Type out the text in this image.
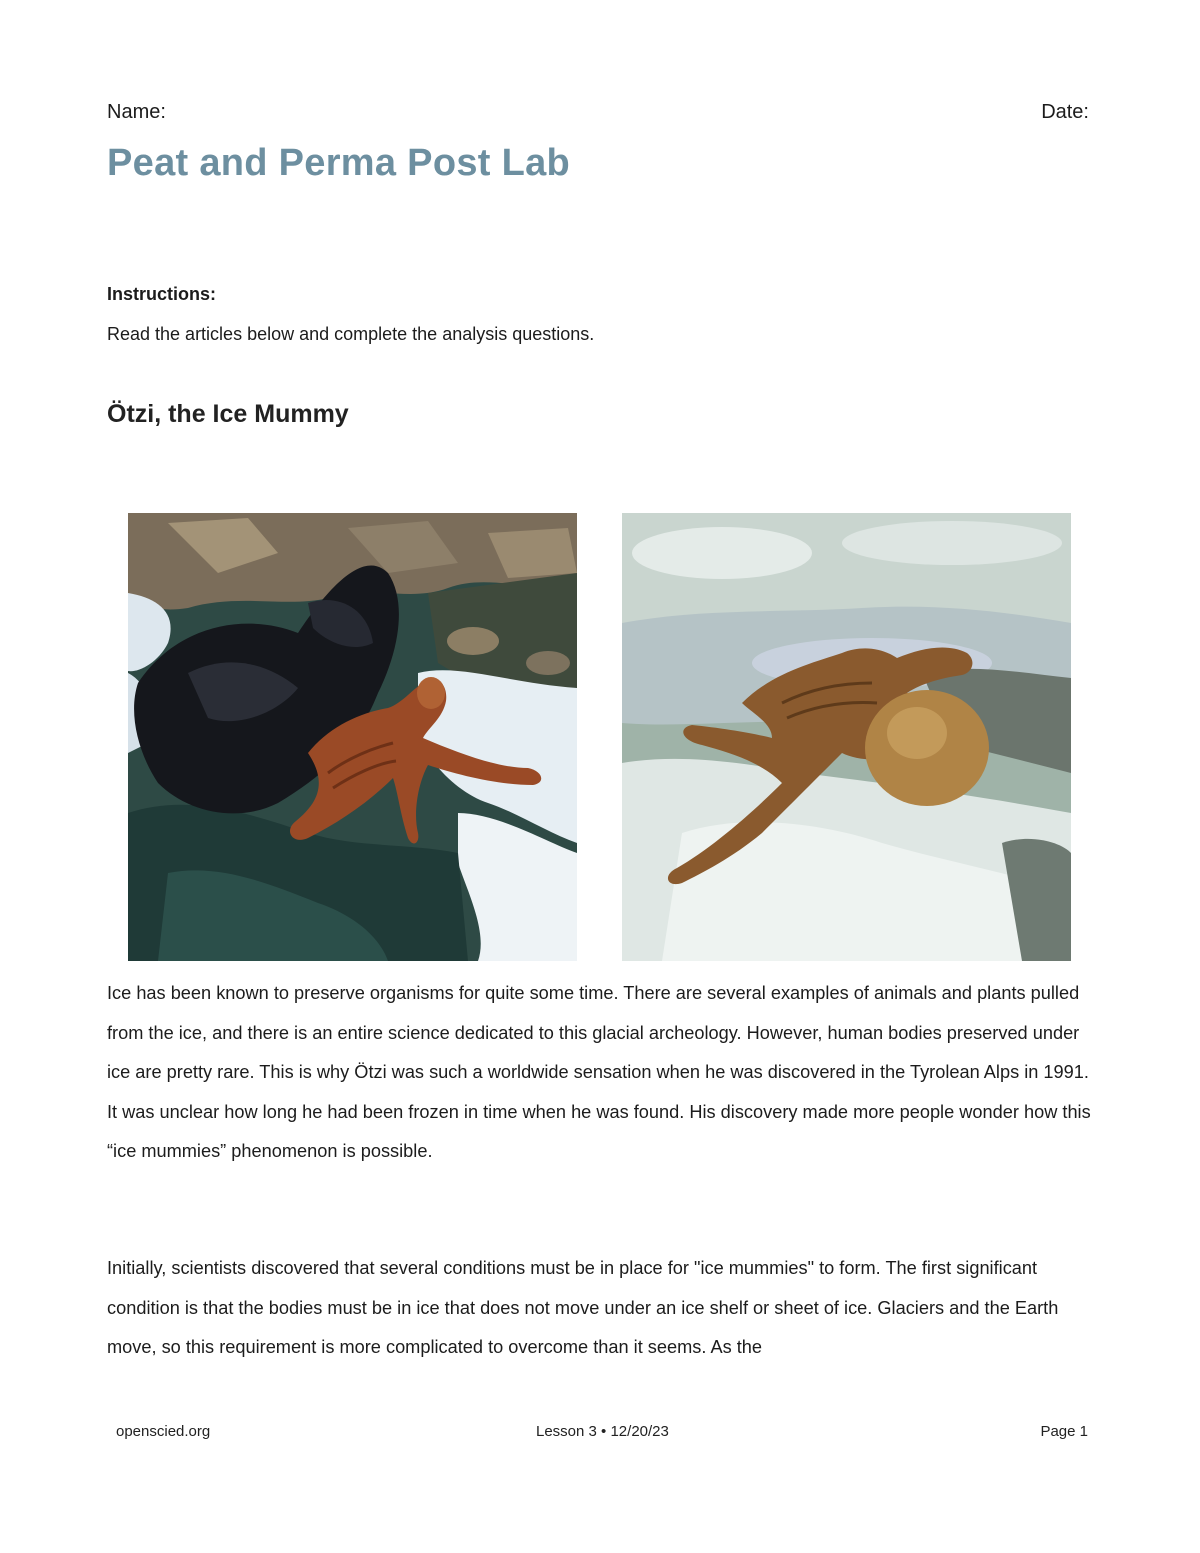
Name:	Date:
Peat and Perma Post Lab
Instructions:
Read the articles below and complete the analysis questions.
Ötzi, the Ice Mummy

Ice has been known to preserve organisms for quite some time. There are several examples of animals and plants pulled from the ice, and there is an entire science dedicated to this glacial archeology. However, human bodies preserved under ice are pretty rare. This is why Ötzi was such a worldwide sensation when he was discovered in the Tyrolean Alps in 1991. It was unclear how long he had been frozen in time when he was found. His discovery made more people wonder how this “ice mummies” phenomenon is possible.

Initially, scientists discovered that several conditions must be in place for "ice mummies" to form. The first significant condition is that the bodies must be in ice that does not move under an ice shelf or sheet of ice. Glaciers and the Earth move, so this requirement is more complicated to overcome than it seems. As the

openscied.org	Lesson 3 • 12/20/23	Page 1
